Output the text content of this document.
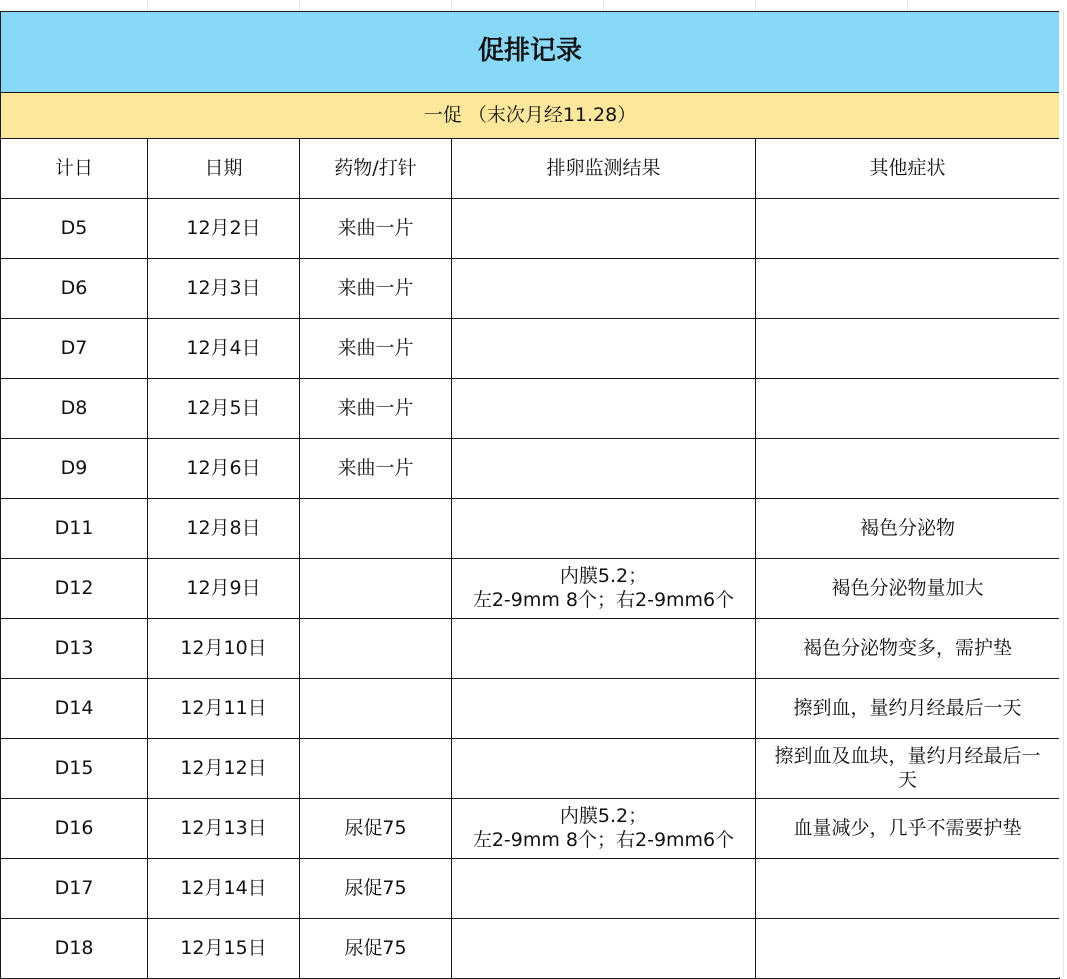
促排记录				
一促 （末次月经11.28）				
计日	日期	药物/打针	排卵监测结果	其他症状
D5	12月2日	来曲一片		
D6	12月3日	来曲一片		
D7	12月4日	来曲一片		
D8	12月5日	来曲一片		
D9	12月6日	来曲一片		
D11	12月8日			褐色分泌物
D12	12月9日		内膜5.2；
左2-9mm 8个；右2-9mm6个	褐色分泌物量加大
D13	12月10日			褐色分泌物变多，需护垫
D14	12月11日			擦到血，量约月经最后一天
D15	12月12日			擦到血及血块，量约月经最后一
天

D16	12月13日	尿促75	内膜5.2；
左2-9mm 8个；右2-9mm6个	血量减少，几乎不需要护垫
D17	12月14日	尿促75		
D18	12月15日	尿促75		
